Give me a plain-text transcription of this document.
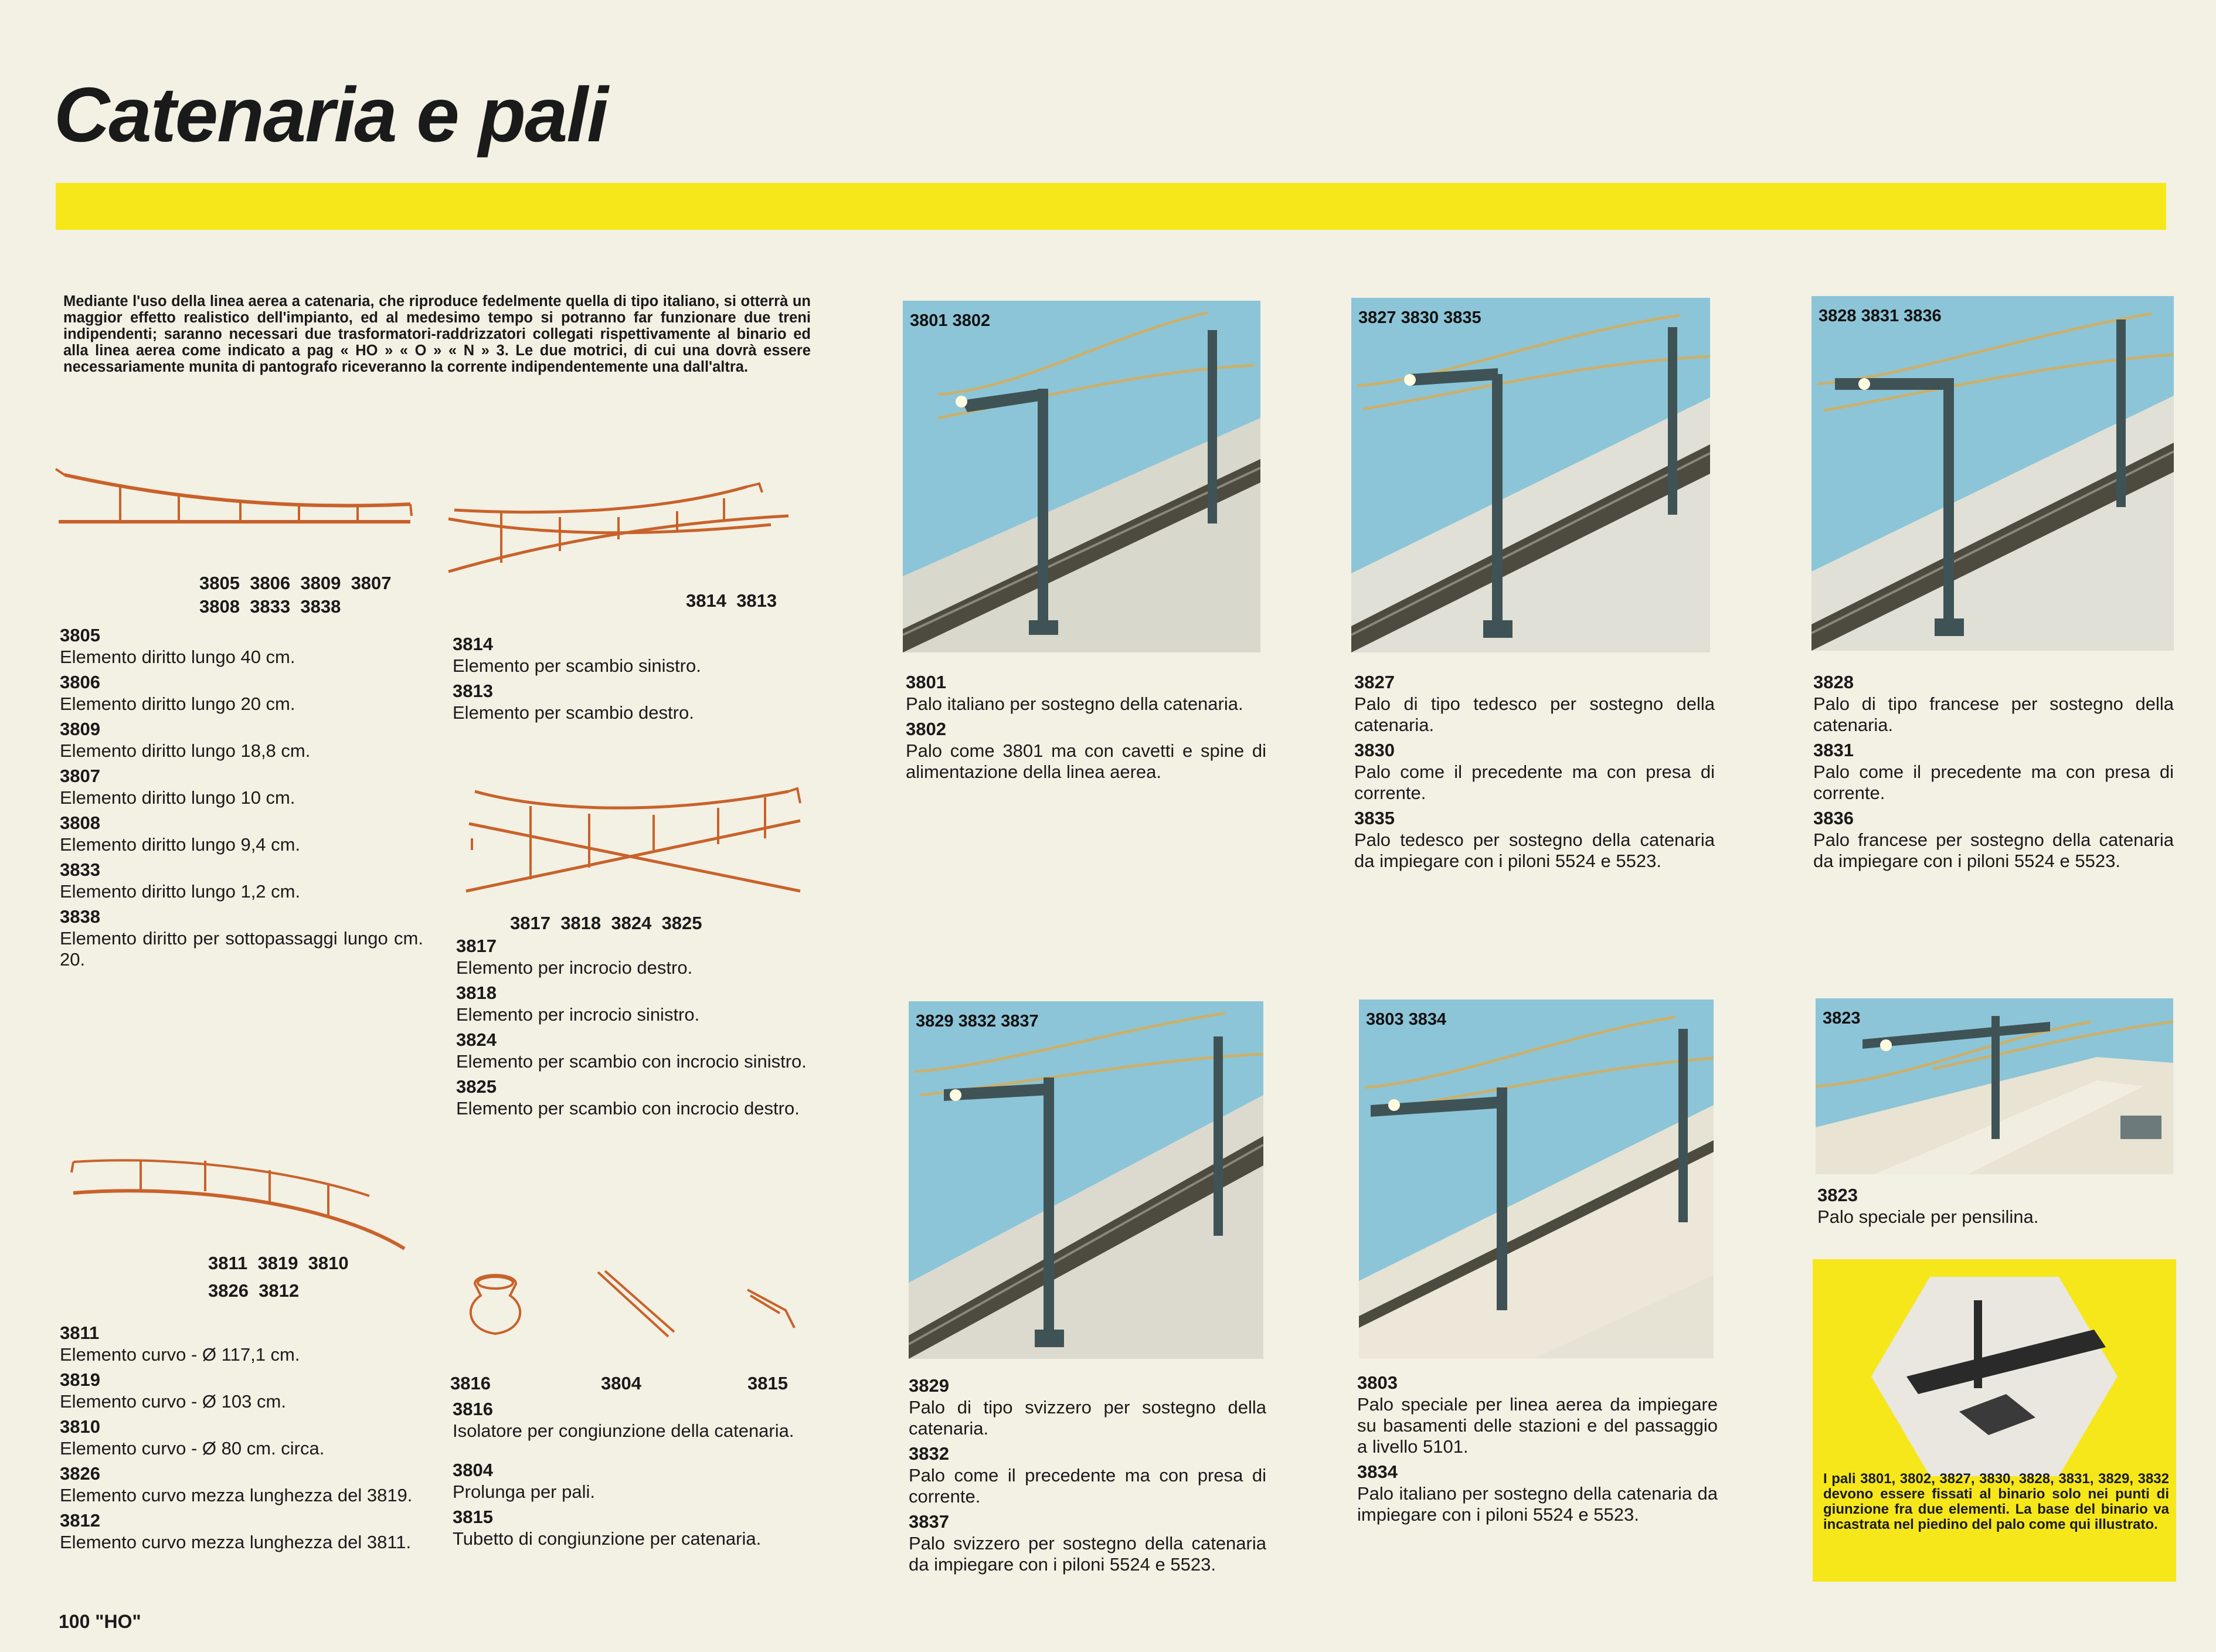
Catenaria e pali
Mediante l'uso della linea aerea a catenaria, che riproduce fedelmente quella di tipo italiano, si otterrà un maggior effetto realistico dell'impianto, ed al medesimo tempo si potranno far funzionare due treni indipendenti; saranno necessari due trasformatori-raddrizzatori collegati rispettivamente al binario ed alla linea aerea come indicato a pag « HO » « O » « N » 3. Le due motrici, di cui una dovrà essere necessariamente munita di pantografo riceveranno la corrente indipendentemente una dall'altra.
3805  3806  3809  3807
3808  3833  3838	3814  3813
3817  3818  3824  3825
3811  3819  3810
3826  3812
3816	3804	3815
3805
Elemento diritto lungo 40 cm.
3806
Elemento diritto lungo 20 cm.
3809
Elemento diritto lungo 18,8 cm.
3807
Elemento diritto lungo 10 cm.
3808
Elemento diritto lungo 9,4 cm.
3833
Elemento diritto lungo 1,2 cm.
3838
Elemento diritto per sottopassaggi lungo cm. 20.
3811
Elemento curvo - Ø 117,1 cm.
3819
Elemento curvo - Ø 103 cm.
3810
Elemento curvo - Ø 80 cm. circa.
3826
Elemento curvo mezza lunghezza del 3819.
3812
Elemento curvo mezza lunghezza del 3811.
3814
Elemento per scambio sinistro.
3813
Elemento per scambio destro.
3817
Elemento per incrocio destro.
3818
Elemento per incrocio sinistro.
3824
Elemento per scambio con incrocio sinistro.
3825
Elemento per scambio con incrocio destro.
3816
Isolatore per congiunzione della catenaria.
3804
Prolunga per pali.
3815
Tubetto di congiunzione per catenaria.
3801 3802	3827 3830 3835	3828 3831 3836
3829 3832 3837	3803 3834	3823
3801
Palo italiano per sostegno della catenaria.
3802
Palo come 3801 ma con cavetti e spine di alimentazione della linea aerea.
3827
Palo di tipo tedesco per sostegno della catenaria.
3830
Palo come il precedente ma con presa di corrente.
3835
Palo tedesco per sostegno della catenaria da impiegare con i piloni 5524 e 5523.
3828
Palo di tipo francese per sostegno della catenaria.
3831
Palo come il precedente ma con presa di corrente.
3836
Palo francese per sostegno della catenaria da impiegare con i piloni 5524 e 5523.
3829
Palo di tipo svizzero per sostegno della catenaria.
3832
Palo come il precedente ma con presa di corrente.
3837
Palo svizzero per sostegno della catenaria da impiegare con i piloni 5524 e 5523.
3803
Palo speciale per linea aerea da impiegare su basamenti delle stazioni e del passaggio a livello 5101.
3834
Palo italiano per sostegno della catenaria da impiegare con i piloni 5524 e 5523.
3823
Palo speciale per pensilina.
I pali 3801, 3802, 3827, 3830, 3828, 3831, 3829, 3832 devono essere fissati al binario solo nei punti di giunzione fra due elementi. La base del binario va incastrata nel piedino del palo come qui illustrato.
100 "HO"
